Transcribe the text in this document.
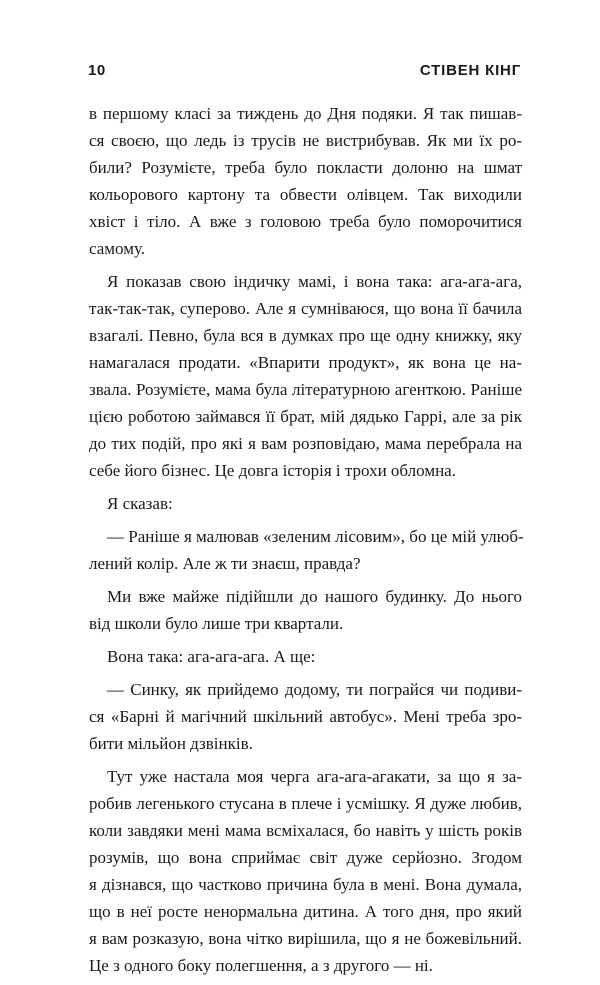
10	СТІВЕН КІНГ

в першому класі за тиждень до Дня подяки. Я так пишав-
ся своєю, що ледь із трусів не вистрибував. Як ми їх ро-
били? Розумієте, треба було покласти долоню на шмат
кольорового картону та обвести олівцем. Так виходили
хвіст і тіло. А вже з головою треба було поморочитися
самому.

Я показав свою індичку мамі, і вона така: ага-ага-ага,
так-так-так, суперово. Але я сумніваюся, що вона її бачила
взагалі. Певно, була вся в думках про ще одну книжку, яку
намагалася продати. «Впарити продукт», як вона це на-
звала. Розумієте, мама була літературною агенткою. Раніше
цією роботою займався її брат, мій дядько Гаррі, але за рік
до тих подій, про які я вам розповідаю, мама перебрала на
себе його бізнес. Це довга історія і трохи обломна.

Я сказав:

— Раніше я малював «зеленим лісовим», бо це мій улюб-
лений колір. Але ж ти знаєш, правда?

Ми вже майже підійшли до нашого будинку. До нього
від школи було лише три квартали.

Вона така: ага-ага-ага. А ще:

— Синку, як прийдемо додому, ти пограйся чи подиви-
ся «Барні й магічний шкільний автобус». Мені треба зро-
бити мільйон дзвінків.

Тут уже настала моя черга ага-ага-агакати, за що я за-
робив легенького стусана в плече і усмішку. Я дуже любив,
коли завдяки мені мама всміхалася, бо навіть у шість років
розумів, що вона сприймає світ дуже серйозно. Згодом
я дізнався, що частково причина була в мені. Вона думала,
що в неї росте ненормальна дитина. А того дня, про який
я вам розказую, вона чітко вирішила, що я не божевільний.
Це з одного боку полегшення, а з другого — ні.
